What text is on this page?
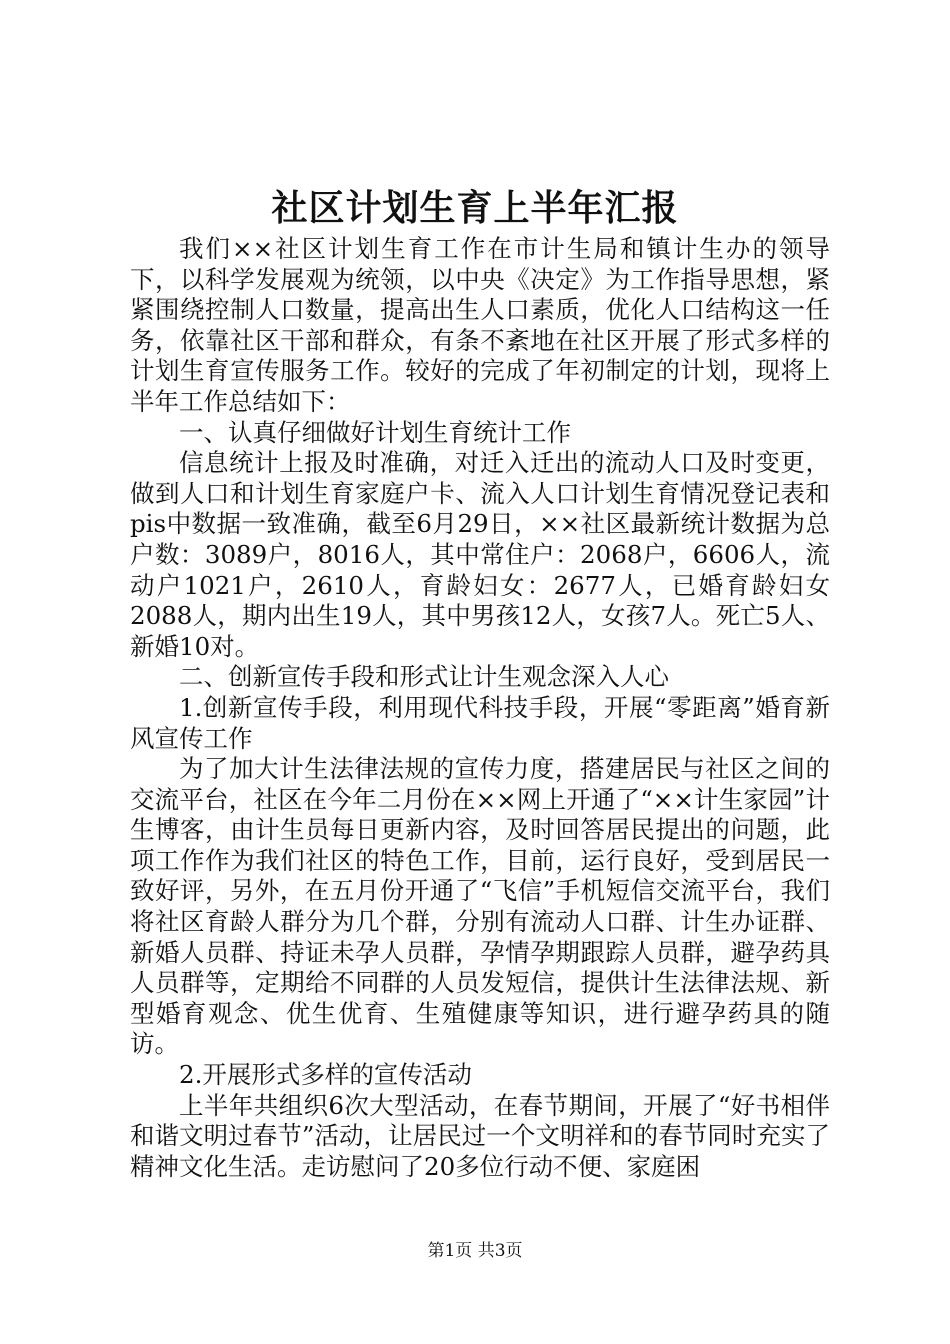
社区计划生育上半年汇报

我们××社区计划生育工作在市计生局和镇计生办的领导下，以科学发展观为统领，以中央《决定》为工作指导思想，紧紧围绕控制人口数量，提高出生人口素质，优化人口结构这一任务，依靠社区干部和群众，有条不紊地在社区开展了形式多样的计划生育宣传服务工作。较好的完成了年初制定的计划，现将上半年工作总结如下：

一、认真仔细做好计划生育统计工作

信息统计上报及时准确，对迁入迁出的流动人口及时变更，做到人口和计划生育家庭户卡、流入人口计划生育情况登记表和pis中数据一致准确，截至6月29日，××社区最新统计数据为总户数：3089户，8016人，其中常住户：2068户，6606人，流动户1021户，2610人，育龄妇女：2677人，已婚育龄妇女2088人，期内出生19人，其中男孩12人，女孩7人。死亡5人、新婚10对。

二、创新宣传手段和形式让计生观念深入人心

1.创新宣传手段，利用现代科技手段，开展“零距离”婚育新风宣传工作

为了加大计生法律法规的宣传力度，搭建居民与社区之间的交流平台，社区在今年二月份在××网上开通了“××计生家园”计生博客，由计生员每日更新内容，及时回答居民提出的问题，此项工作作为我们社区的特色工作，目前，运行良好，受到居民一致好评，另外，在五月份开通了“飞信”手机短信交流平台，我们将社区育龄人群分为几个群，分别有流动人口群、计生办证群、新婚人员群、持证未孕人员群，孕情孕期跟踪人员群，避孕药具人员群等，定期给不同群的人员发短信，提供计生法律法规、新型婚育观念、优生优育、生殖健康等知识，进行避孕药具的随访。

2.开展形式多样的宣传活动

上半年共组织6次大型活动，在春节期间，开展了“好书相伴和谐文明过春节”活动，让居民过一个文明祥和的春节同时充实了精神文化生活。走访慰问了20多位行动不便、家庭困

第1页 共3页
